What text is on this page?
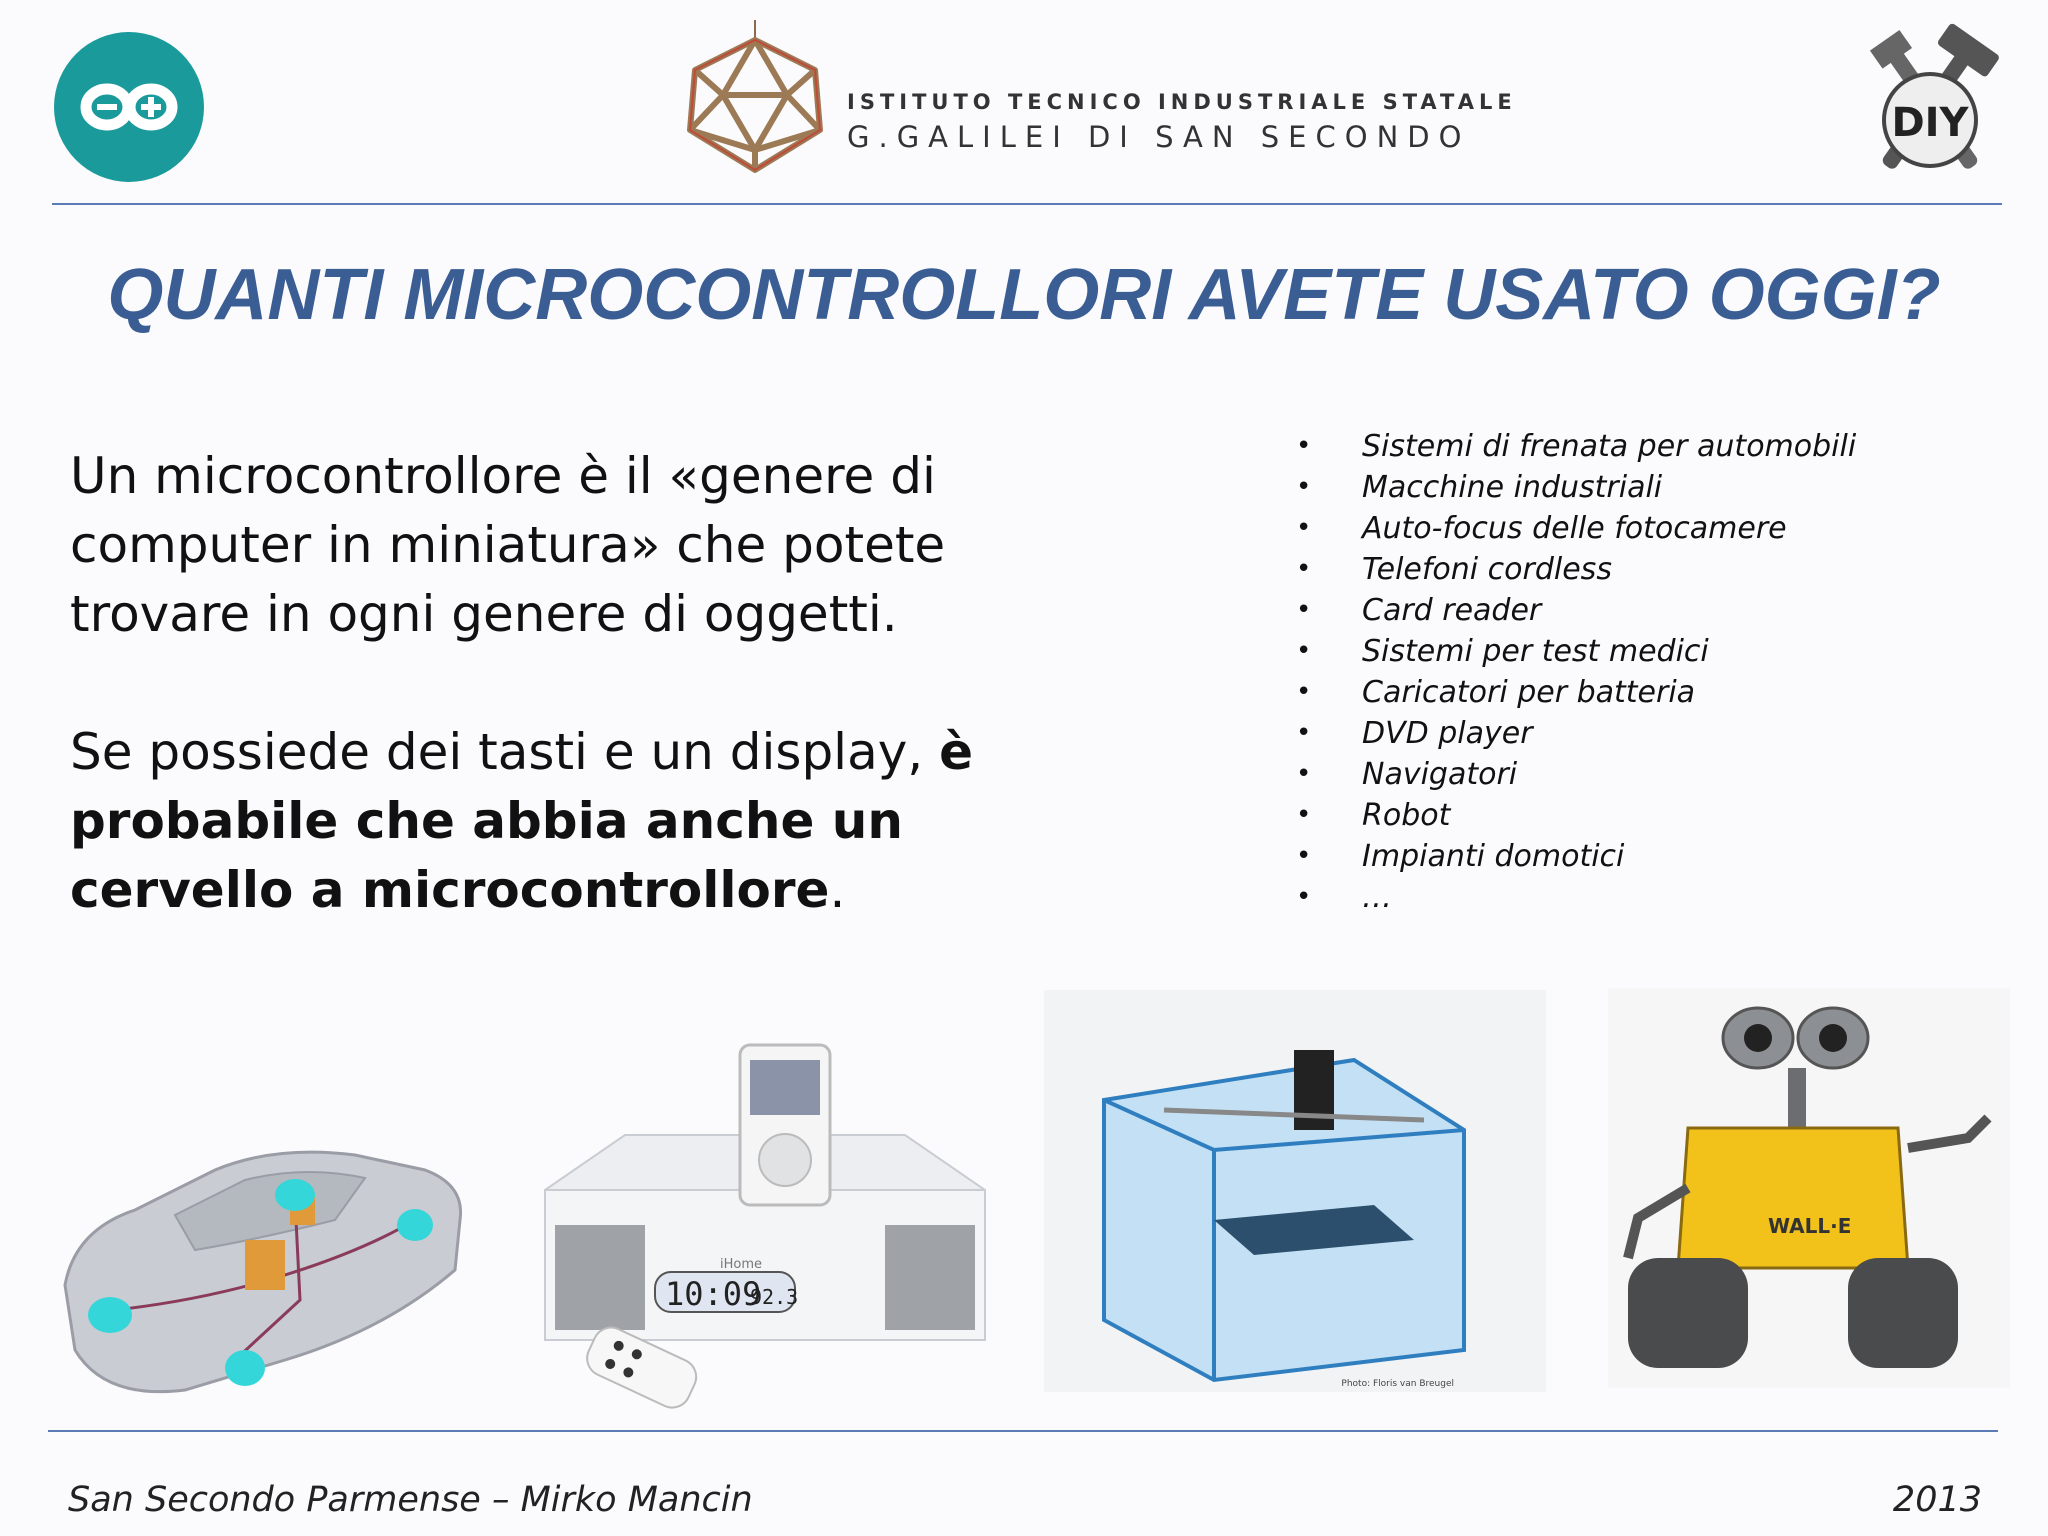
ISTITUTO TECNICO INDUSTRIALE STATALE
G.GALILEI DI SAN SECONDO	DIY
QUANTI MICROCONTROLLORI AVETE USATO OGGI?

Un microcontrollore è il «genere di computer in miniatura» che potete trovare in ogni genere di oggetti.

Se possiede dei tasti e un display, è probabile che abbia anche un cervello a microcontrollore.

• Sistemi di frenata per automobili
• Macchine industriali
• Auto-focus delle fotocamere
• Telefoni cordless
• Card reader
• Sistemi per test medici
• Caricatori per batteria
• DVD player
• Navigatori
• Robot
• Impianti domotici
• …
iHome
10:09
92.3
Photo: Floris van Breugel
WALL·E
San Secondo Parmense – Mirko Mancin	2013
